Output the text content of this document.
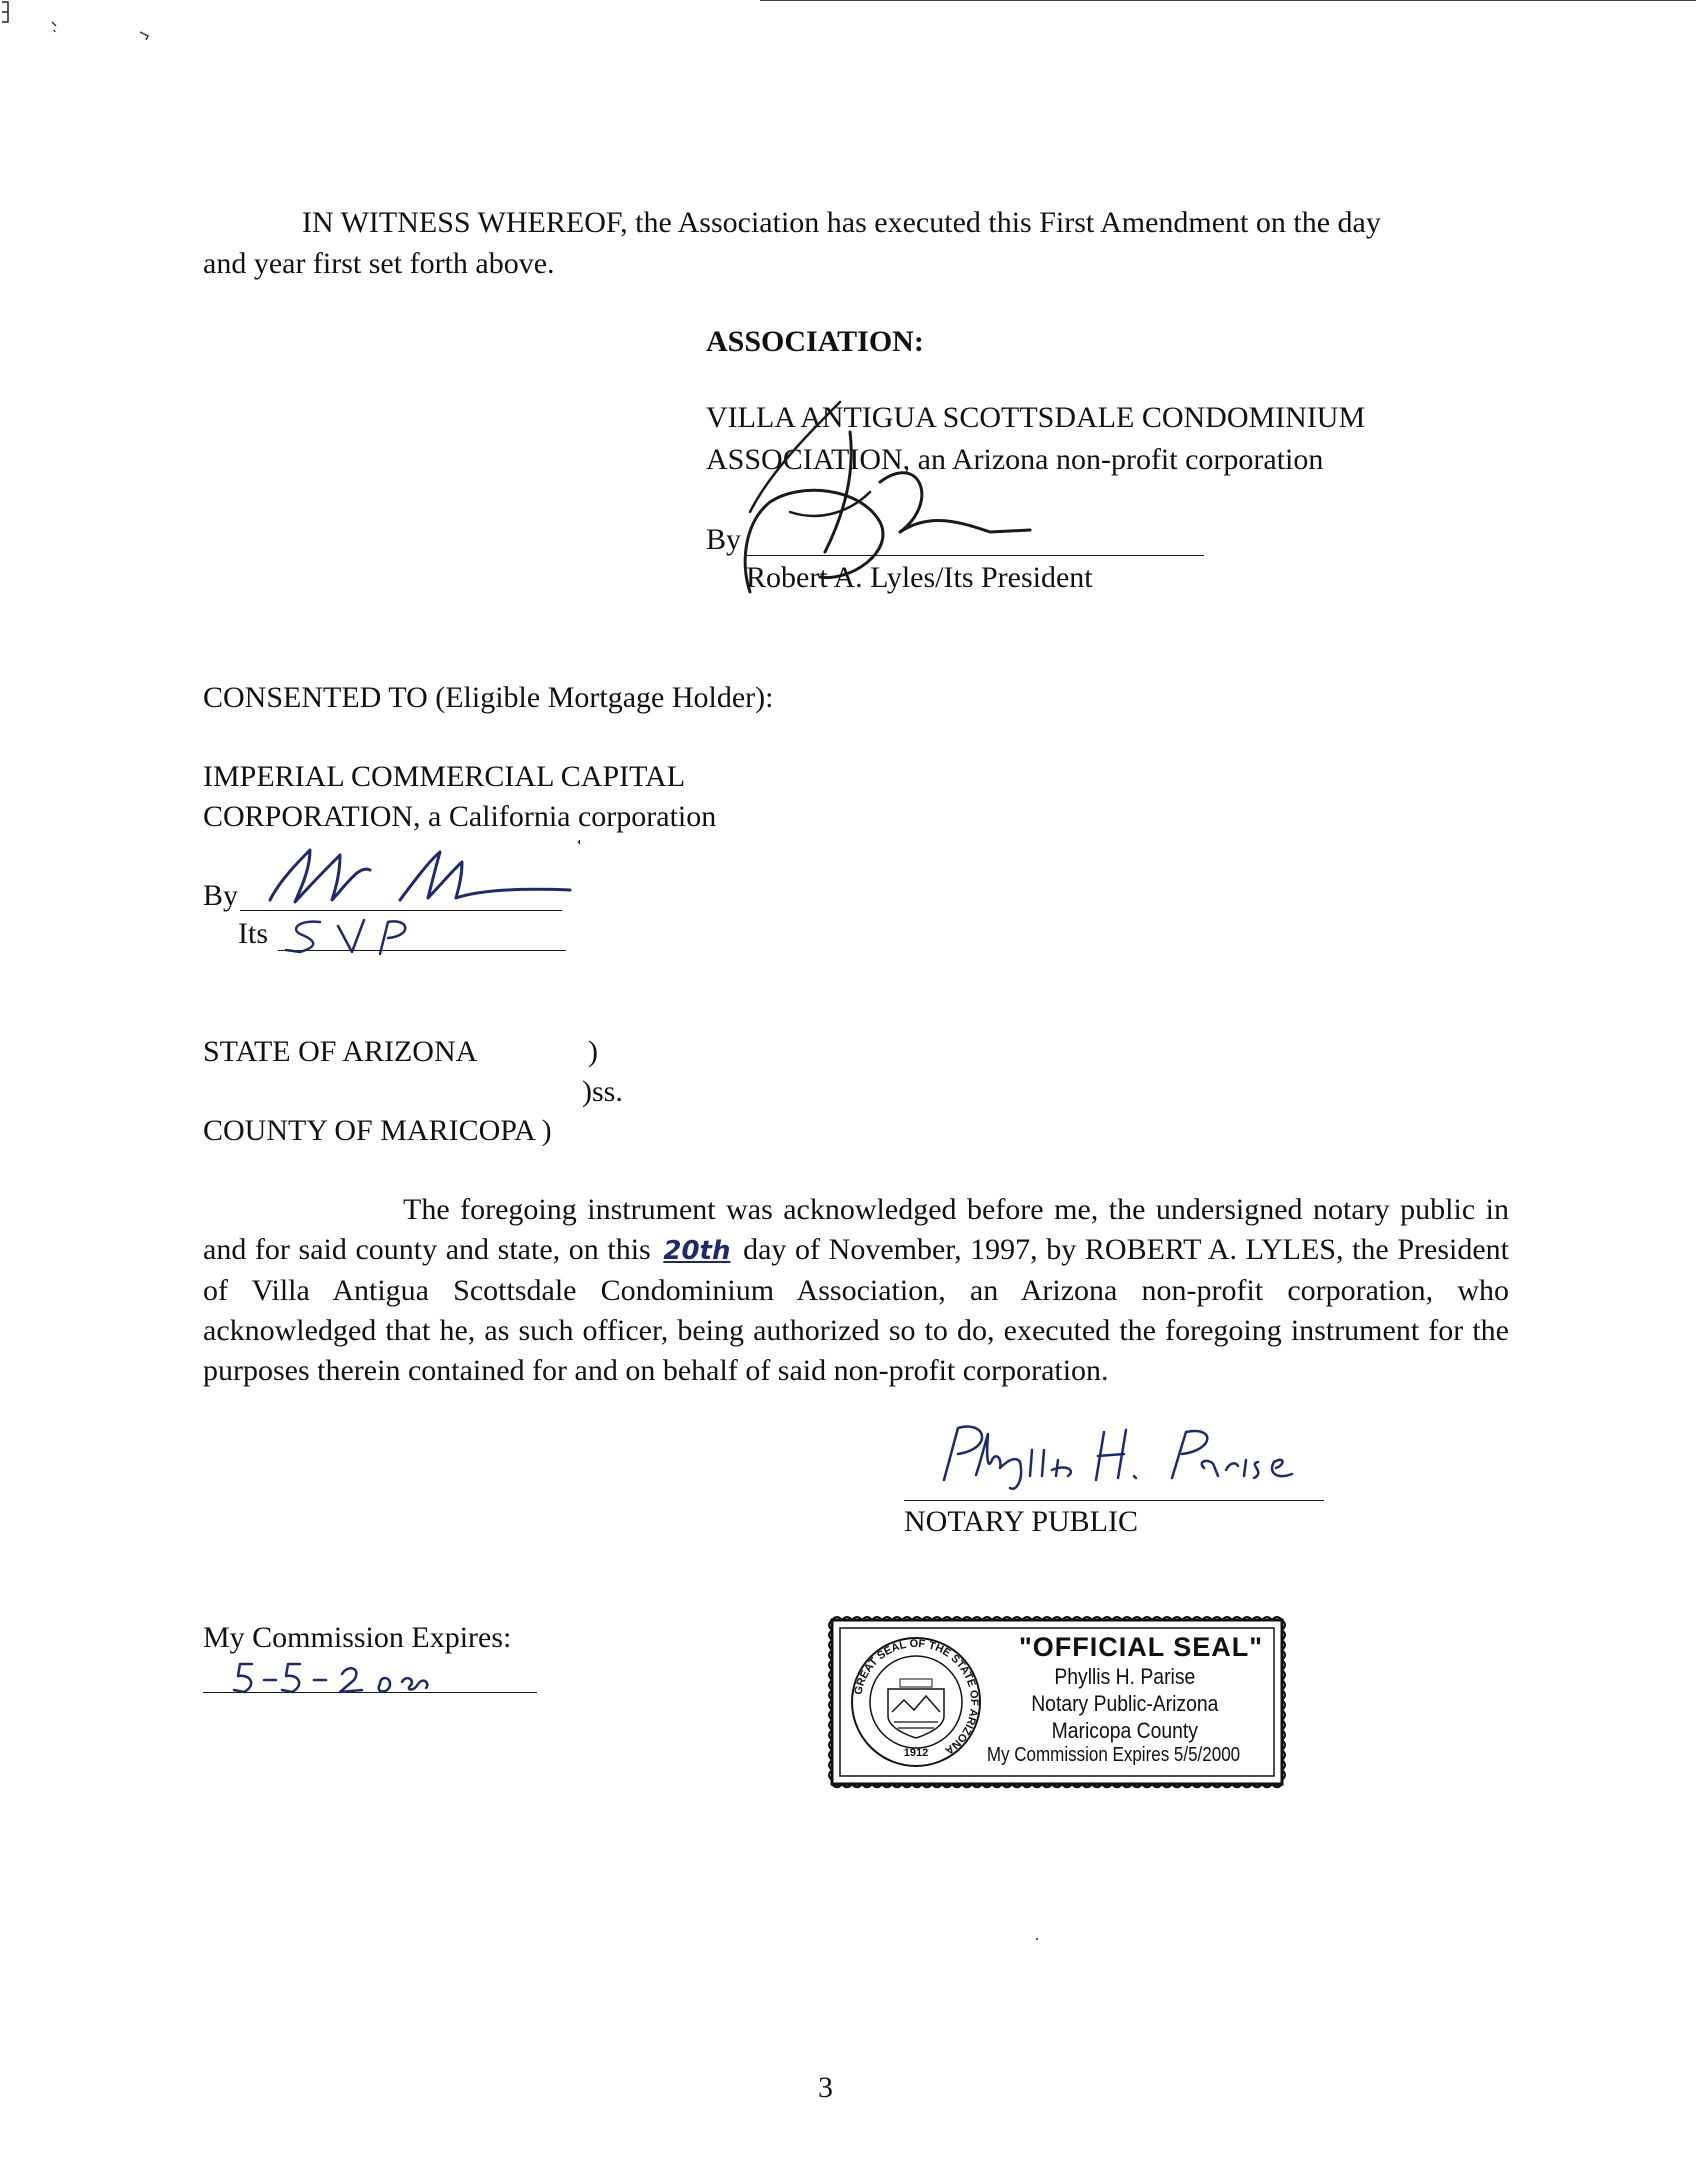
IN WITNESS WHEREOF, the Association has executed this First Amendment on the day
and year first set forth above.
ASSOCIATION:
VILLA ANTIGUA SCOTTSDALE CONDOMINIUM
ASSOCIATION, an Arizona non-profit corporation
By
Robert A. Lyles/Its President
CONSENTED TO (Eligible Mortgage Holder):
IMPERIAL COMMERCIAL CAPITAL
CORPORATION, a California corporation
By
Its
STATE OF ARIZONA	)
)ss.
COUNTY OF MARICOPA )
The foregoing instrument was acknowledged before me, the undersigned notary public in and for said county and state, on this 20th day of November, 1997, by ROBERT A. LYLES, the President of Villa Antigua Scottsdale Condominium Association, an Arizona non-profit corporation, who acknowledged that he, as such officer, being authorized so to do, executed the foregoing instrument for the purposes therein contained for and on behalf of said non-profit corporation.
NOTARY PUBLIC
My Commission Expires:
GREAT SEAL OF THE STATE OF ARIZONA
1912
"OFFICIAL SEAL"
Phyllis H. Parise
Notary Public-Arizona
Maricopa County
My Commission Expires 5/5/2000
3
